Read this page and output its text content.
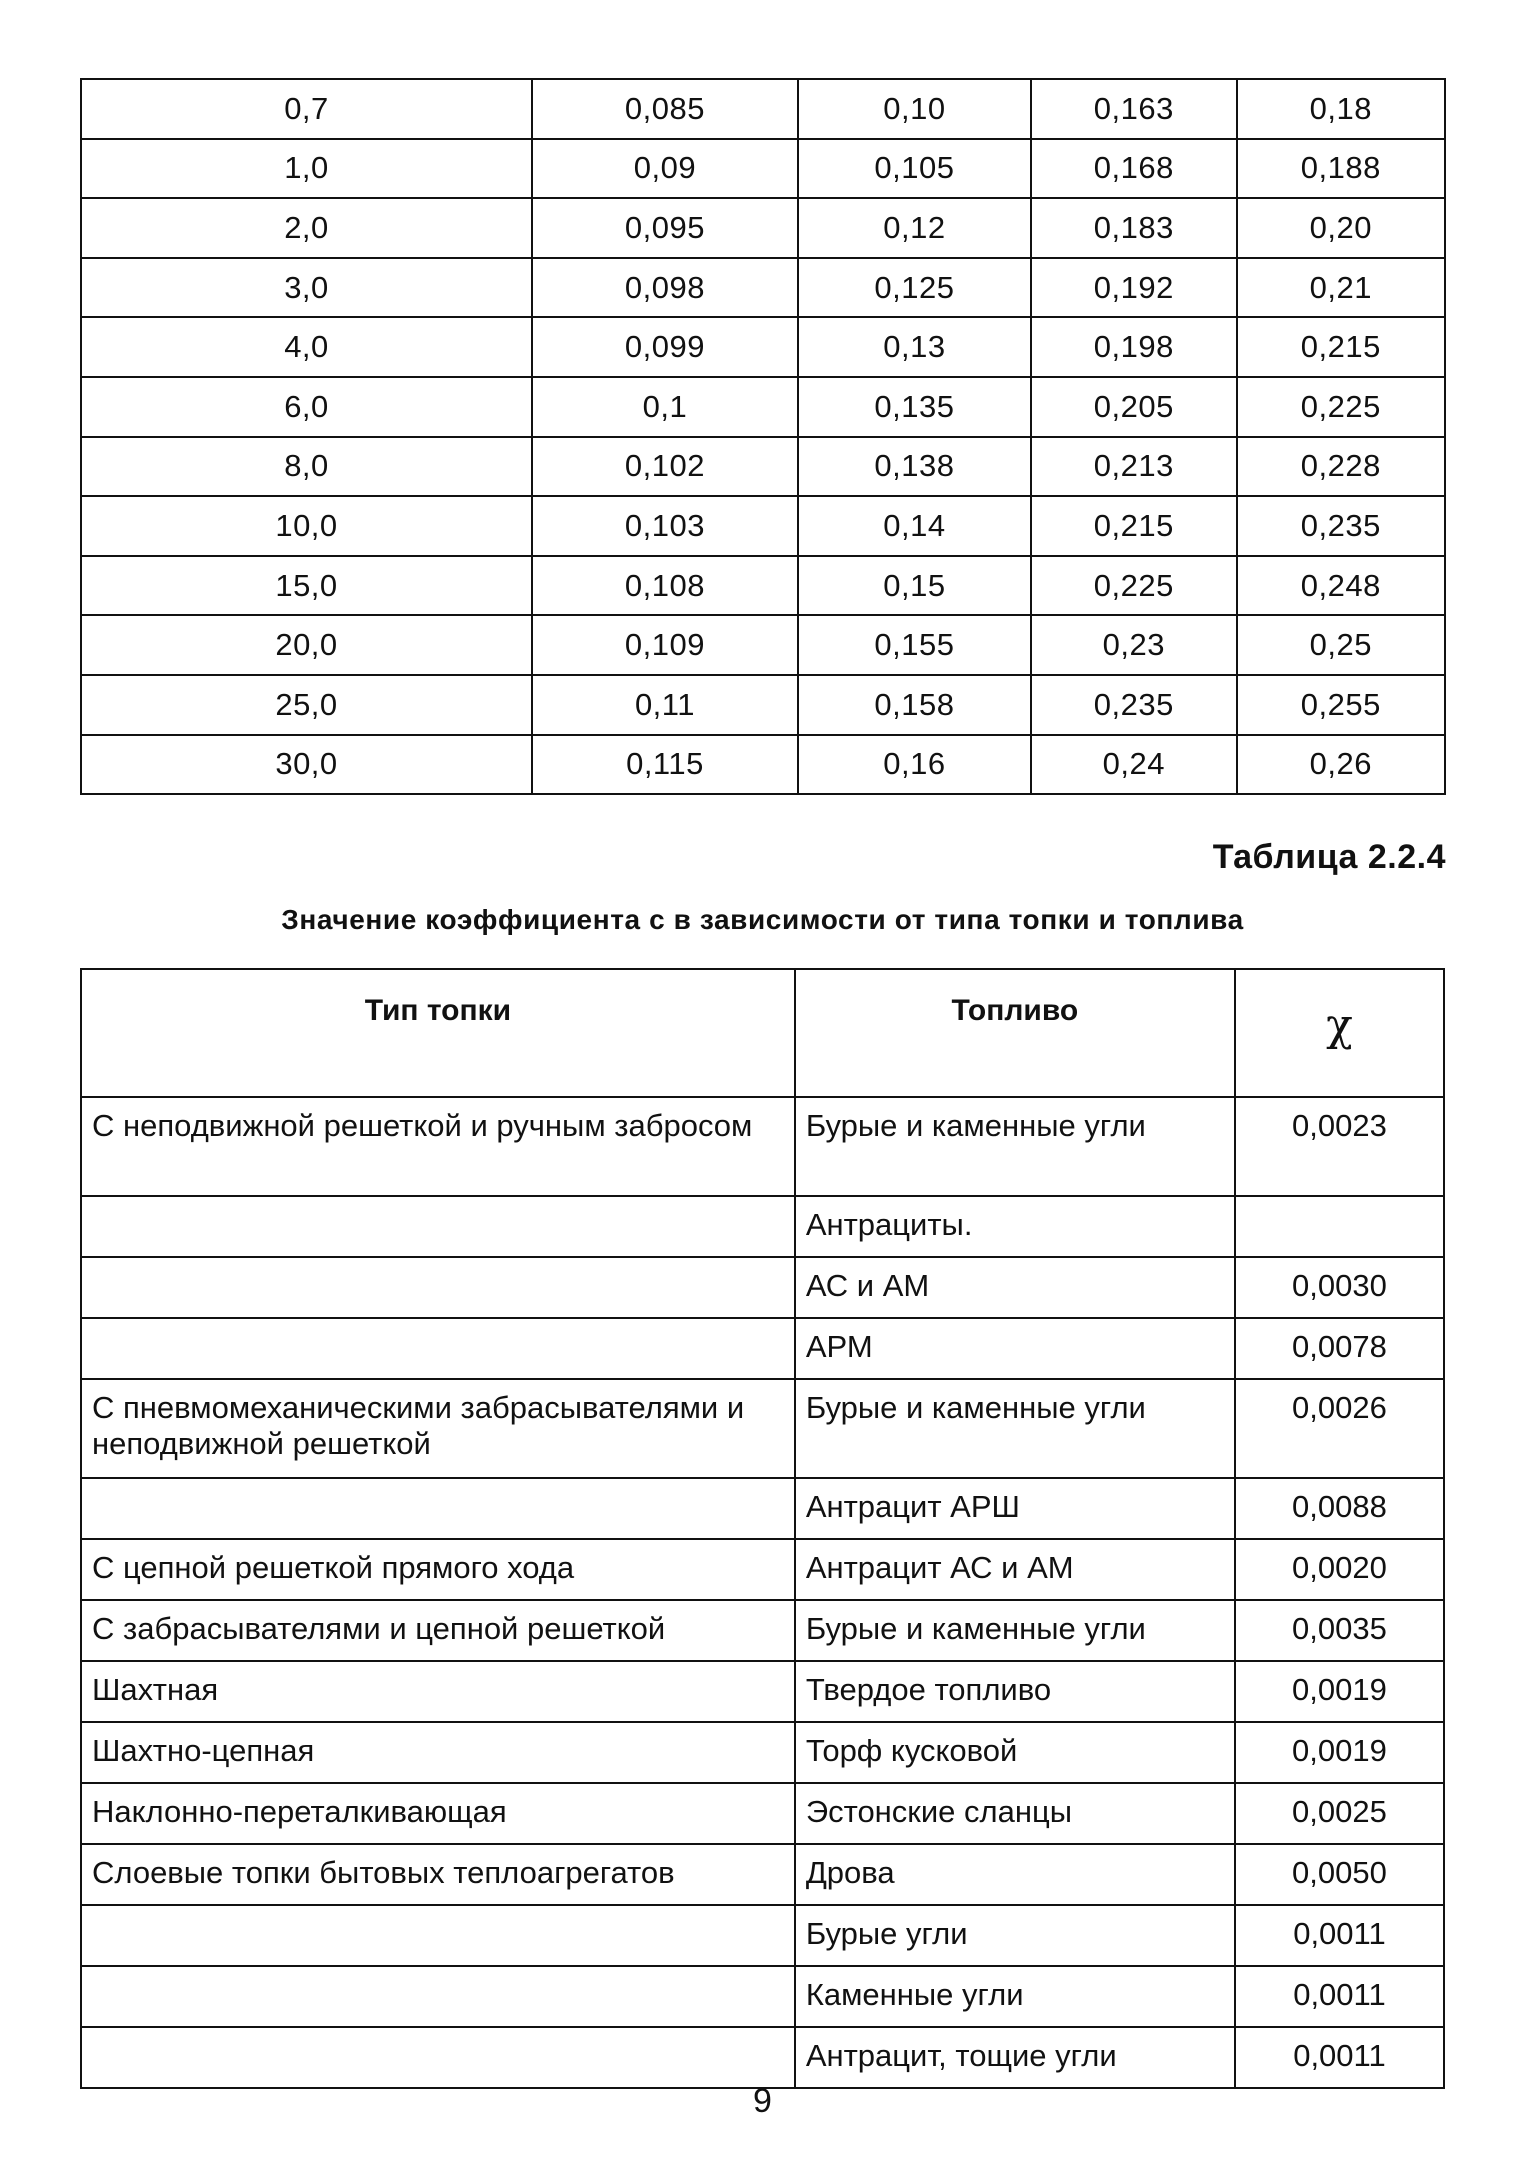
0,7	0,085	0,10	0,163	0,18
1,0	0,09	0,105	0,168	0,188
2,0	0,095	0,12	0,183	0,20
3,0	0,098	0,125	0,192	0,21
4,0	0,099	0,13	0,198	0,215
6,0	0,1	0,135	0,205	0,225
8,0	0,102	0,138	0,213	0,228
10,0	0,103	0,14	0,215	0,235
15,0	0,108	0,15	0,225	0,248
20,0	0,109	0,155	0,23	0,25
25,0	0,11	0,158	0,235	0,255
30,0	0,115	0,16	0,24	0,26
Таблица 2.2.4
Значение коэффициента с в зависимости от типа топки и топлива
Тип топки	Топливо	χ
С неподвижной решеткой и ручным забросом	Бурые и каменные угли	0,0023
	Антрациты.	
	АС и АМ	0,0030
	АРМ	0,0078
С пневмомеханическими забрасывателями и неподвижной решеткой	Бурые и каменные угли	0,0026
	Антрацит АРШ	0,0088
С цепной решеткой прямого хода	Антрацит АС и АМ	0,0020
С забрасывателями и цепной решеткой	Бурые и каменные угли	0,0035
Шахтная	Твердое топливо	0,0019
Шахтно-цепная	Торф кусковой	0,0019
Наклонно-переталкивающая	Эстонские сланцы	0,0025
Слоевые топки бытовых теплоагрегатов	Дрова	0,0050
	Бурые угли	0,0011
	Каменные угли	0,0011
	Антрацит, тощие угли	0,0011
9
